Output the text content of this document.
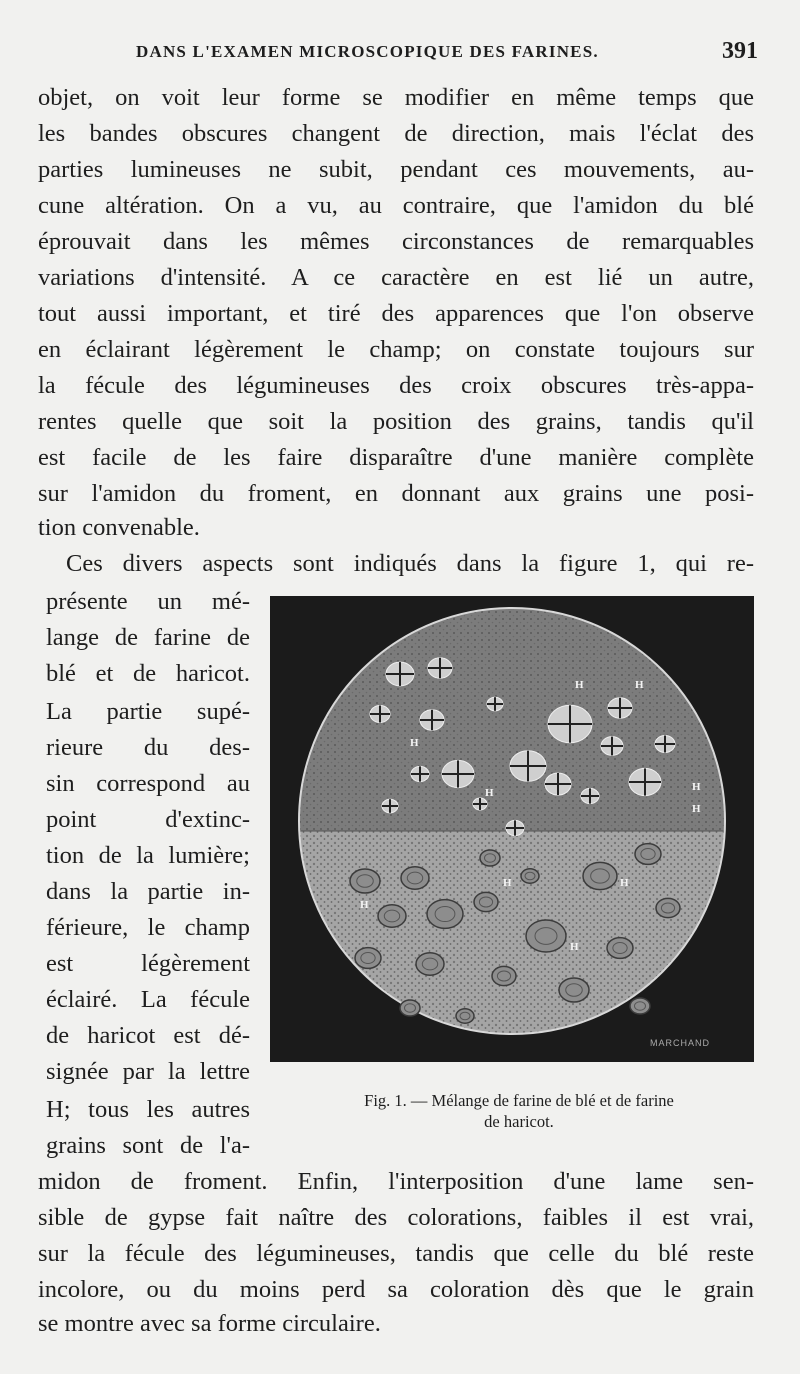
DANS L'EXAMEN MICROSCOPIQUE DES FARINES.	391
objet, on voit leur forme se modifier en même temps que
les bandes obscures changent de direction, mais l'éclat des
parties lumineuses ne subit, pendant ces mouvements, au-
cune altération. On a vu, au contraire, que l'amidon du blé
éprouvait dans les mêmes circonstances de remarquables
variations d'intensité. A ce caractère en est lié un autre,
tout aussi important, et tiré des apparences que l'on observe
en éclairant légèrement le champ; on constate toujours sur
la fécule des légumineuses des croix obscures très-appa-
rentes quelle que soit la position des grains, tandis qu'il
est facile de les faire disparaître d'une manière complète
sur l'amidon du froment, en donnant aux grains une posi-
tion convenable.
Ces divers aspects sont indiqués dans la figure 1, qui re-
présente un mé-
lange de farine de
blé et de haricot.
La partie supé-
rieure du des-
sin correspond au
point d'extinc-
tion de la lumière;
dans la partie in-
férieure, le champ
est légèrement
éclairé. La fécule
de haricot est dé-
signée par la lettre
H; tous les autres
grains sont de l'a-
H	H
H
H	H
H
H	H
H
H
MARCHAND
Fig. 1. — Mélange de farine de blé et de farine
de haricot.
midon de froment. Enfin, l'interposition d'une lame sen-
sible de gypse fait naître des colorations, faibles il est vrai,
sur la fécule des légumineuses, tandis que celle du blé reste
incolore, ou du moins perd sa coloration dès que le grain
se montre avec sa forme circulaire.
